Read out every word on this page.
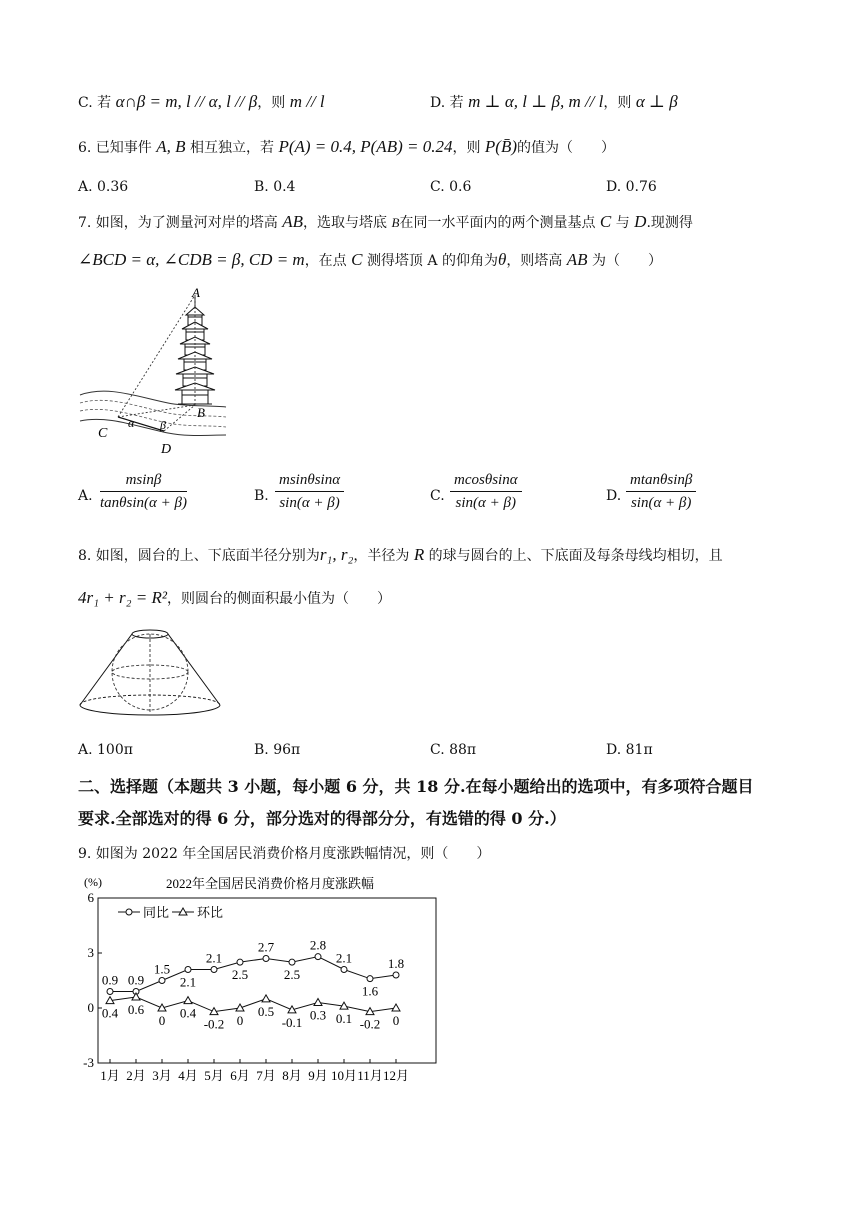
C. 若 α∩β = m, l // α, l // β，则 m // l	D. 若 m ⊥ α, l ⊥ β, m // l，则 α ⊥ β
6. 已知事件 A, B 相互独立，若 P(A) = 0.4, P(AB) = 0.24，则 P(B̄)的值为（　　）
A. 0.36	B. 0.4	C. 0.6	D. 0.76
7. 如图，为了测量河对岸的塔高 AB，选取与塔底 B在同一水平面内的两个测量基点 C 与 D.现测得
∠BCD = α, ∠CDB = β, CD = m，在点 C 测得塔顶 A 的仰角为θ，则塔高 AB 为（　　）
A
B
C
D
α β
A. $\frac{msin\beta}{\tan\theta\sin(\alpha + \beta)}$	B. $\frac{msin\theta\sin\alpha}{\sin(\alpha + \beta)}$	C. $\frac{mcos\theta\sin\alpha}{\sin(\alpha + \beta)}$	D. $\frac{mtan\theta\sin\beta}{\sin(\alpha + \beta)}$
8. 如图，圆台的上、下底面半径分别为r₁, r₂，半径为 R 的球与圆台的上、下底面及每条母线均相切，且
4r₁ + r₂ = R²，则圆台的侧面积最小值为（　　）
A. 100π	B. 96π	C. 88π	D. 81π
二、选择题（本题共 3 小题，每小题 6 分，共 18 分.在每小题给出的选项中，有多项符合题目
要求.全部选对的得 6 分，部分选对的得部分分，有选错的得 0 分.）
9. 如图为 2022 年全国居民消费价格月度涨跌幅情况，则（　　）
(%)	2022年全国居民消费价格月度涨跌幅
同比 环比
6
3
0
-3
1月 2月 3月 4月 5月 6月 7月 8月 9月 10月 11月 12月
0.9 0.9
1.5
2.1
2.1
2.5
2.7
2.5
2.8
2.1
1.6
1.8
0.4 0.6
0 0.4
-0.2 0
0.5
-0.1 0.3 0.1 -0.2 0
